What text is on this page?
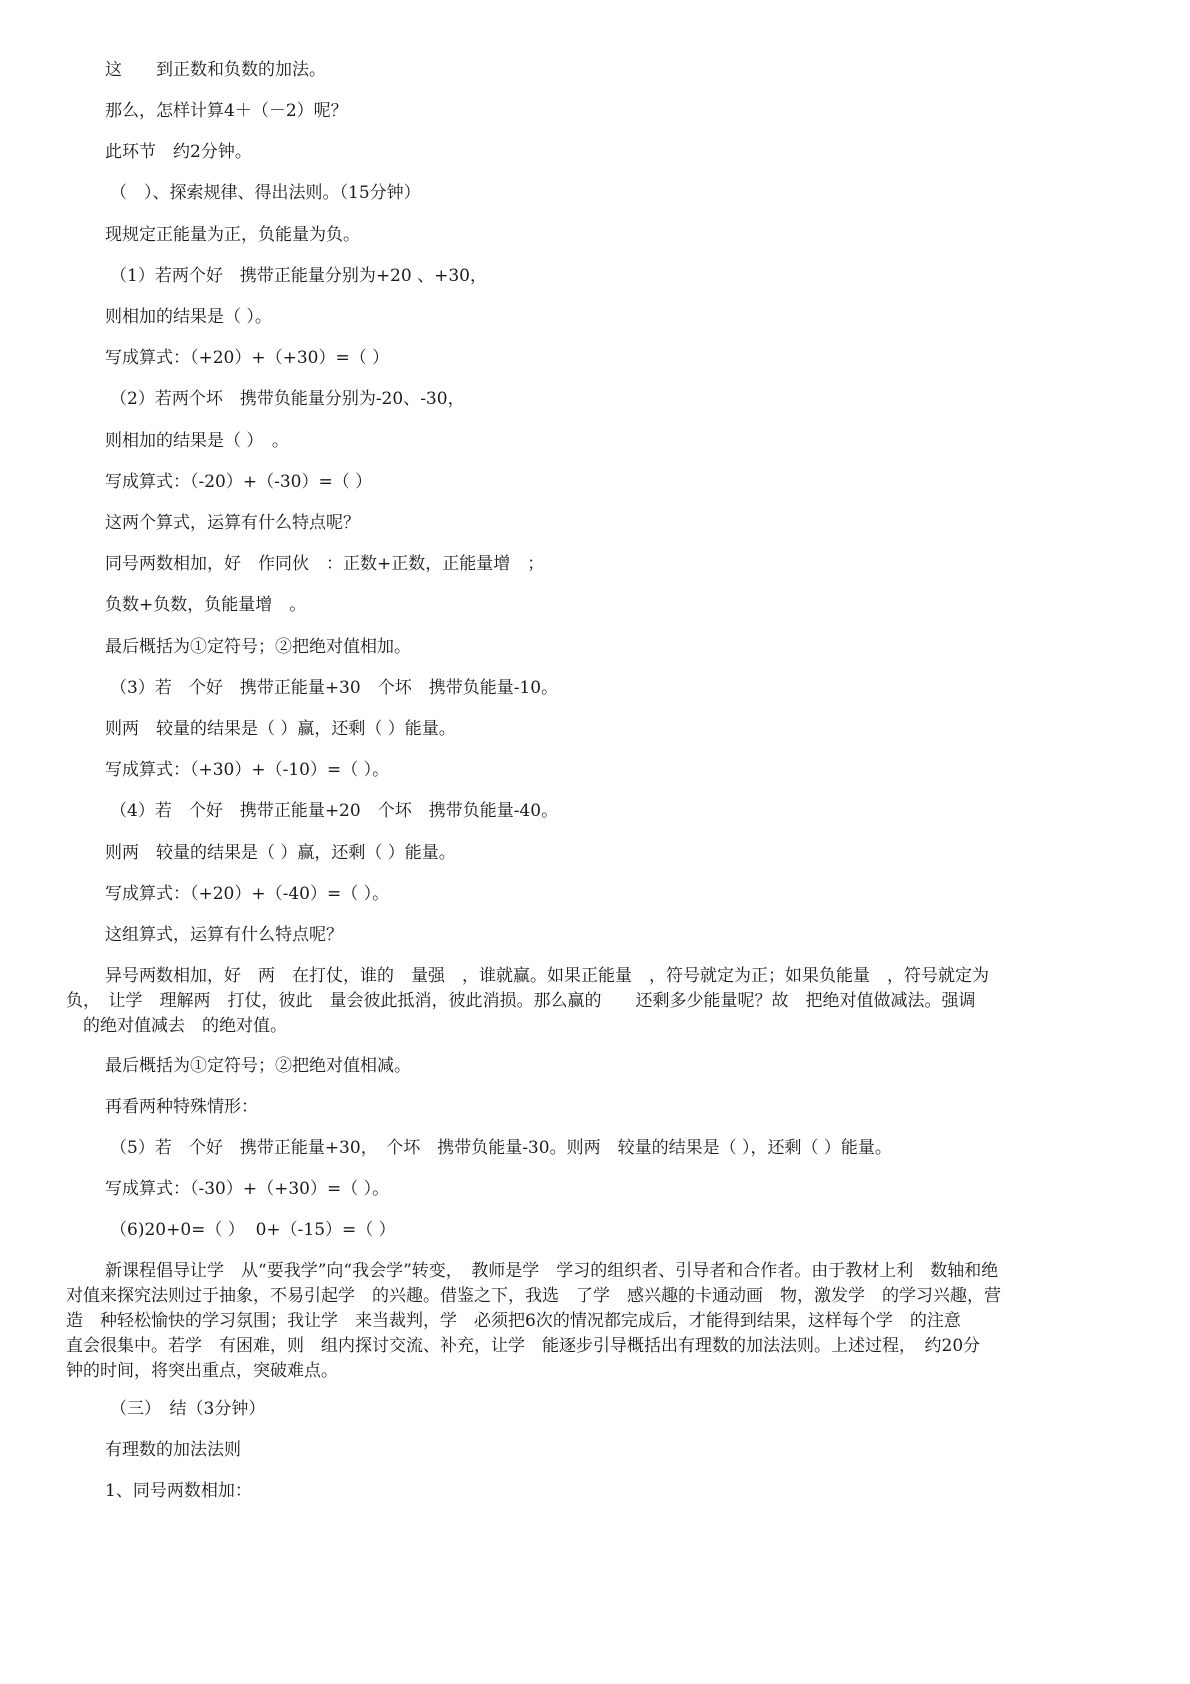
这　　到正数和负数的加法。
那么，怎样计算4＋（－2）呢？
此环节　约2分钟。
（　）、探索规律、得出法则。（15分钟）
现规定正能量为正，负能量为负。
（1）若两个好　携带正能量分别为+20 、+30，
则相加的结果是（ ）。
写成算式：（+20）+（+30）=（ ）
（2）若两个坏　携带负能量分别为-20、-30，
则相加的结果是（ ）　。
写成算式：（-20）+（-30）=（ ）
这两个算式，运算有什么特点呢？
同号两数相加，好　作同伙　：正数+正数，正能量增　；
负数+负数，负能量增　。
最后概括为①定符号；②把绝对值相加。
（3）若　个好　携带正能量+30　个坏　携带负能量-10。
则两　较量的结果是（ ）赢，还剩（ ）能量。
写成算式：（+30）+（-10）=（ ）。
（4）若　个好　携带正能量+20　个坏　携带负能量-40。
则两　较量的结果是（ ）赢，还剩（ ）能量。
写成算式：（+20）+（-40）=（ ）。
这组算式，运算有什么特点呢？
异号两数相加，好　两　在打仗，谁的　量强　，谁就赢。如果正能量　，符号就定为正；如果负能量　，符号就定为
负，　让学　理解两　打仗，彼此　量会彼此抵消，彼此消损。那么赢的　　还剩多少能量呢？故　把绝对值做减法。强调
　的绝对值减去　的绝对值。
最后概括为①定符号；②把绝对值相减。
再看两种特殊情形：
（5）若　个好　携带正能量+30，　个坏　携带负能量-30。则两　较量的结果是（ ），还剩（ ）能量。
写成算式：（-30）+（+30）=（ ）。
（6)20+0=（ ）  0+（-15）=（ ）
新课程倡导让学　从“要我学”向“我会学”转变，　教师是学　学习的组织者、引导者和合作者。由于教材上利　数轴和绝
对值来探究法则过于抽象，不易引起学　的兴趣。借鉴之下，我选　了学　感兴趣的卡通动画　物，激发学　的学习兴趣，营
造　种轻松愉快的学习氛围；我让学　来当裁判，学　必须把6次的情况都完成后，才能得到结果，这样每个学　的注意
直会很集中。若学　有困难，则　组内探讨交流、补充，让学　能逐步引导概括出有理数的加法法则。上述过程，　约20分
钟的时间，将突出重点，突破难点。
（三）　结（3分钟）
有理数的加法法则
1、同号两数相加：
